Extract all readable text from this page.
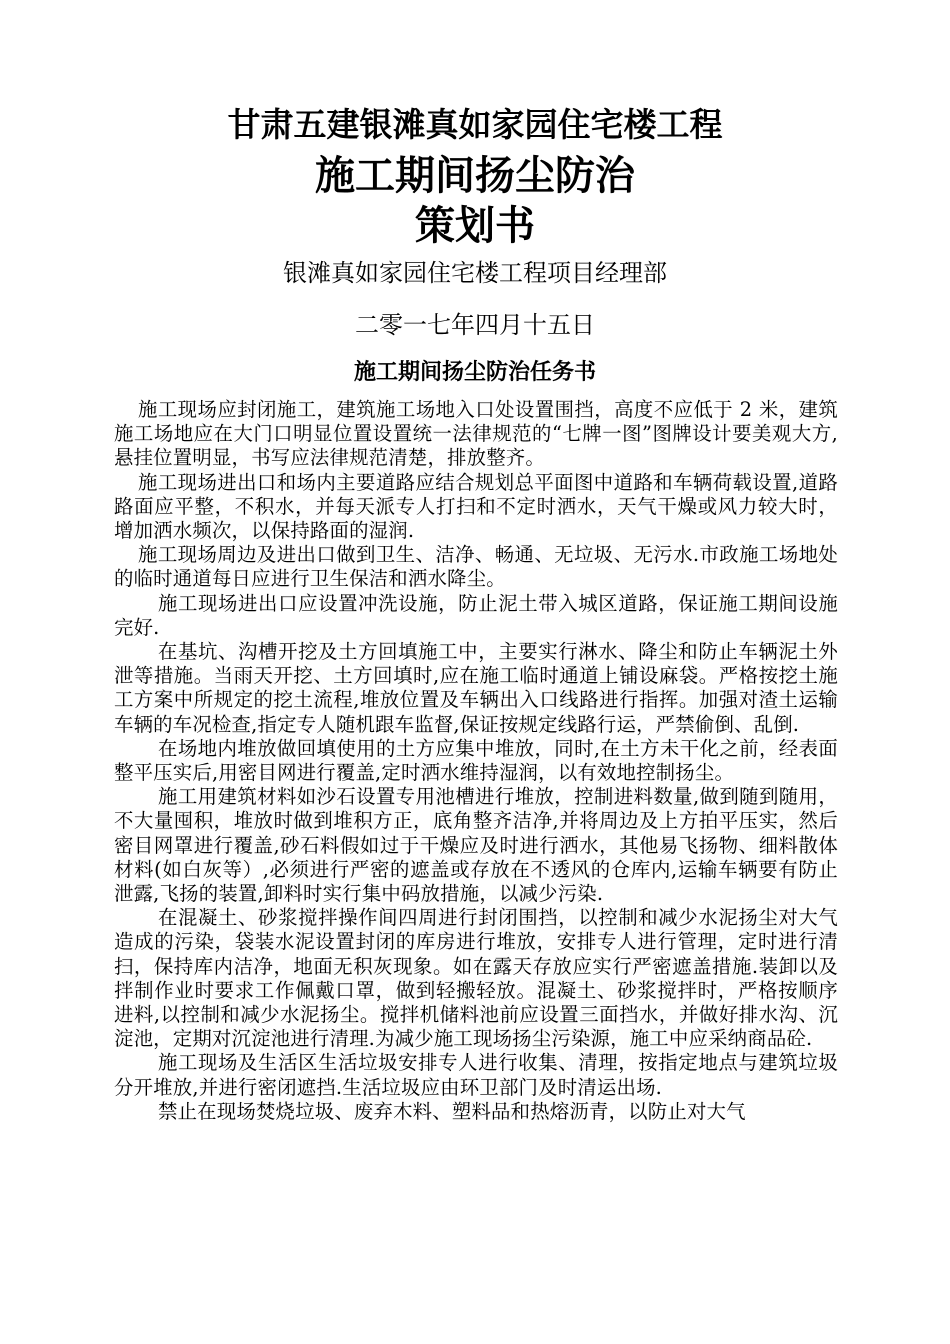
甘肃五建银滩真如家园住宅楼工程
施工期间扬尘防治
策划书
银滩真如家园住宅楼工程项目经理部
二零一七年四月十五日
施工期间扬尘防治任务书

施工现场应封闭施工，建筑施工场地入口处设置围挡，高度不应低于 2 米，建筑施工场地应在大门口明显位置设置统一法律规范的“七牌一图”图牌设计要美观大方,悬挂位置明显，书写应法律规范清楚，排放整齐。

施工现场进出口和场内主要道路应结合规划总平面图中道路和车辆荷载设置,道路路面应平整，不积水，并每天派专人打扫和不定时洒水，天气干燥或风力较大时，增加洒水频次，以保持路面的湿润.

施工现场周边及进出口做到卫生、洁净、畅通、无垃圾、无污水.市政施工场地处的临时通道每日应进行卫生保洁和洒水降尘。

施工现场进出口应设置冲洗设施，防止泥土带入城区道路，保证施工期间设施完好.

在基坑、沟槽开挖及土方回填施工中，主要实行淋水、降尘和防止车辆泥土外泄等措施。当雨天开挖、土方回填时,应在施工临时通道上铺设麻袋。严格按挖土施工方案中所规定的挖土流程,堆放位置及车辆出入口线路进行指挥。加强对渣土运输车辆的车况检查,指定专人随机跟车监督,保证按规定线路行运，严禁偷倒、乱倒.

在场地内堆放做回填使用的土方应集中堆放，同时,在土方未干化之前，经表面整平压实后,用密目网进行覆盖,定时洒水维持湿润，以有效地控制扬尘。

施工用建筑材料如沙石设置专用池槽进行堆放，控制进料数量,做到随到随用，不大量囤积，堆放时做到堆积方正，底角整齐洁净,并将周边及上方拍平压实，然后密目网罩进行覆盖,砂石料假如过于干燥应及时进行洒水，其他易飞扬物、细料散体材料(如白灰等）,必须进行严密的遮盖或存放在不透风的仓库内,运输车辆要有防止泄露,飞扬的装置,卸料时实行集中码放措施，以减少污染.

在混凝土、砂浆搅拌操作间四周进行封闭围挡，以控制和减少水泥扬尘对大气造成的污染，袋装水泥设置封闭的库房进行堆放，安排专人进行管理，定时进行清扫，保持库内洁净，地面无积灰现象。如在露天存放应实行严密遮盖措施.装卸以及拌制作业时要求工作佩戴口罩，做到轻搬轻放。混凝土、砂浆搅拌时，严格按顺序进料,以控制和减少水泥扬尘。搅拌机储料池前应设置三面挡水，并做好排水沟、沉淀池，定期对沉淀池进行清理.为减少施工现场扬尘污染源，施工中应采纳商品砼.

施工现场及生活区生活垃圾安排专人进行收集、清理，按指定地点与建筑垃圾分开堆放,并进行密闭遮挡.生活垃圾应由环卫部门及时清运出场.

禁止在现场焚烧垃圾、废弃木料、塑料品和热熔沥青，以防止对大气
